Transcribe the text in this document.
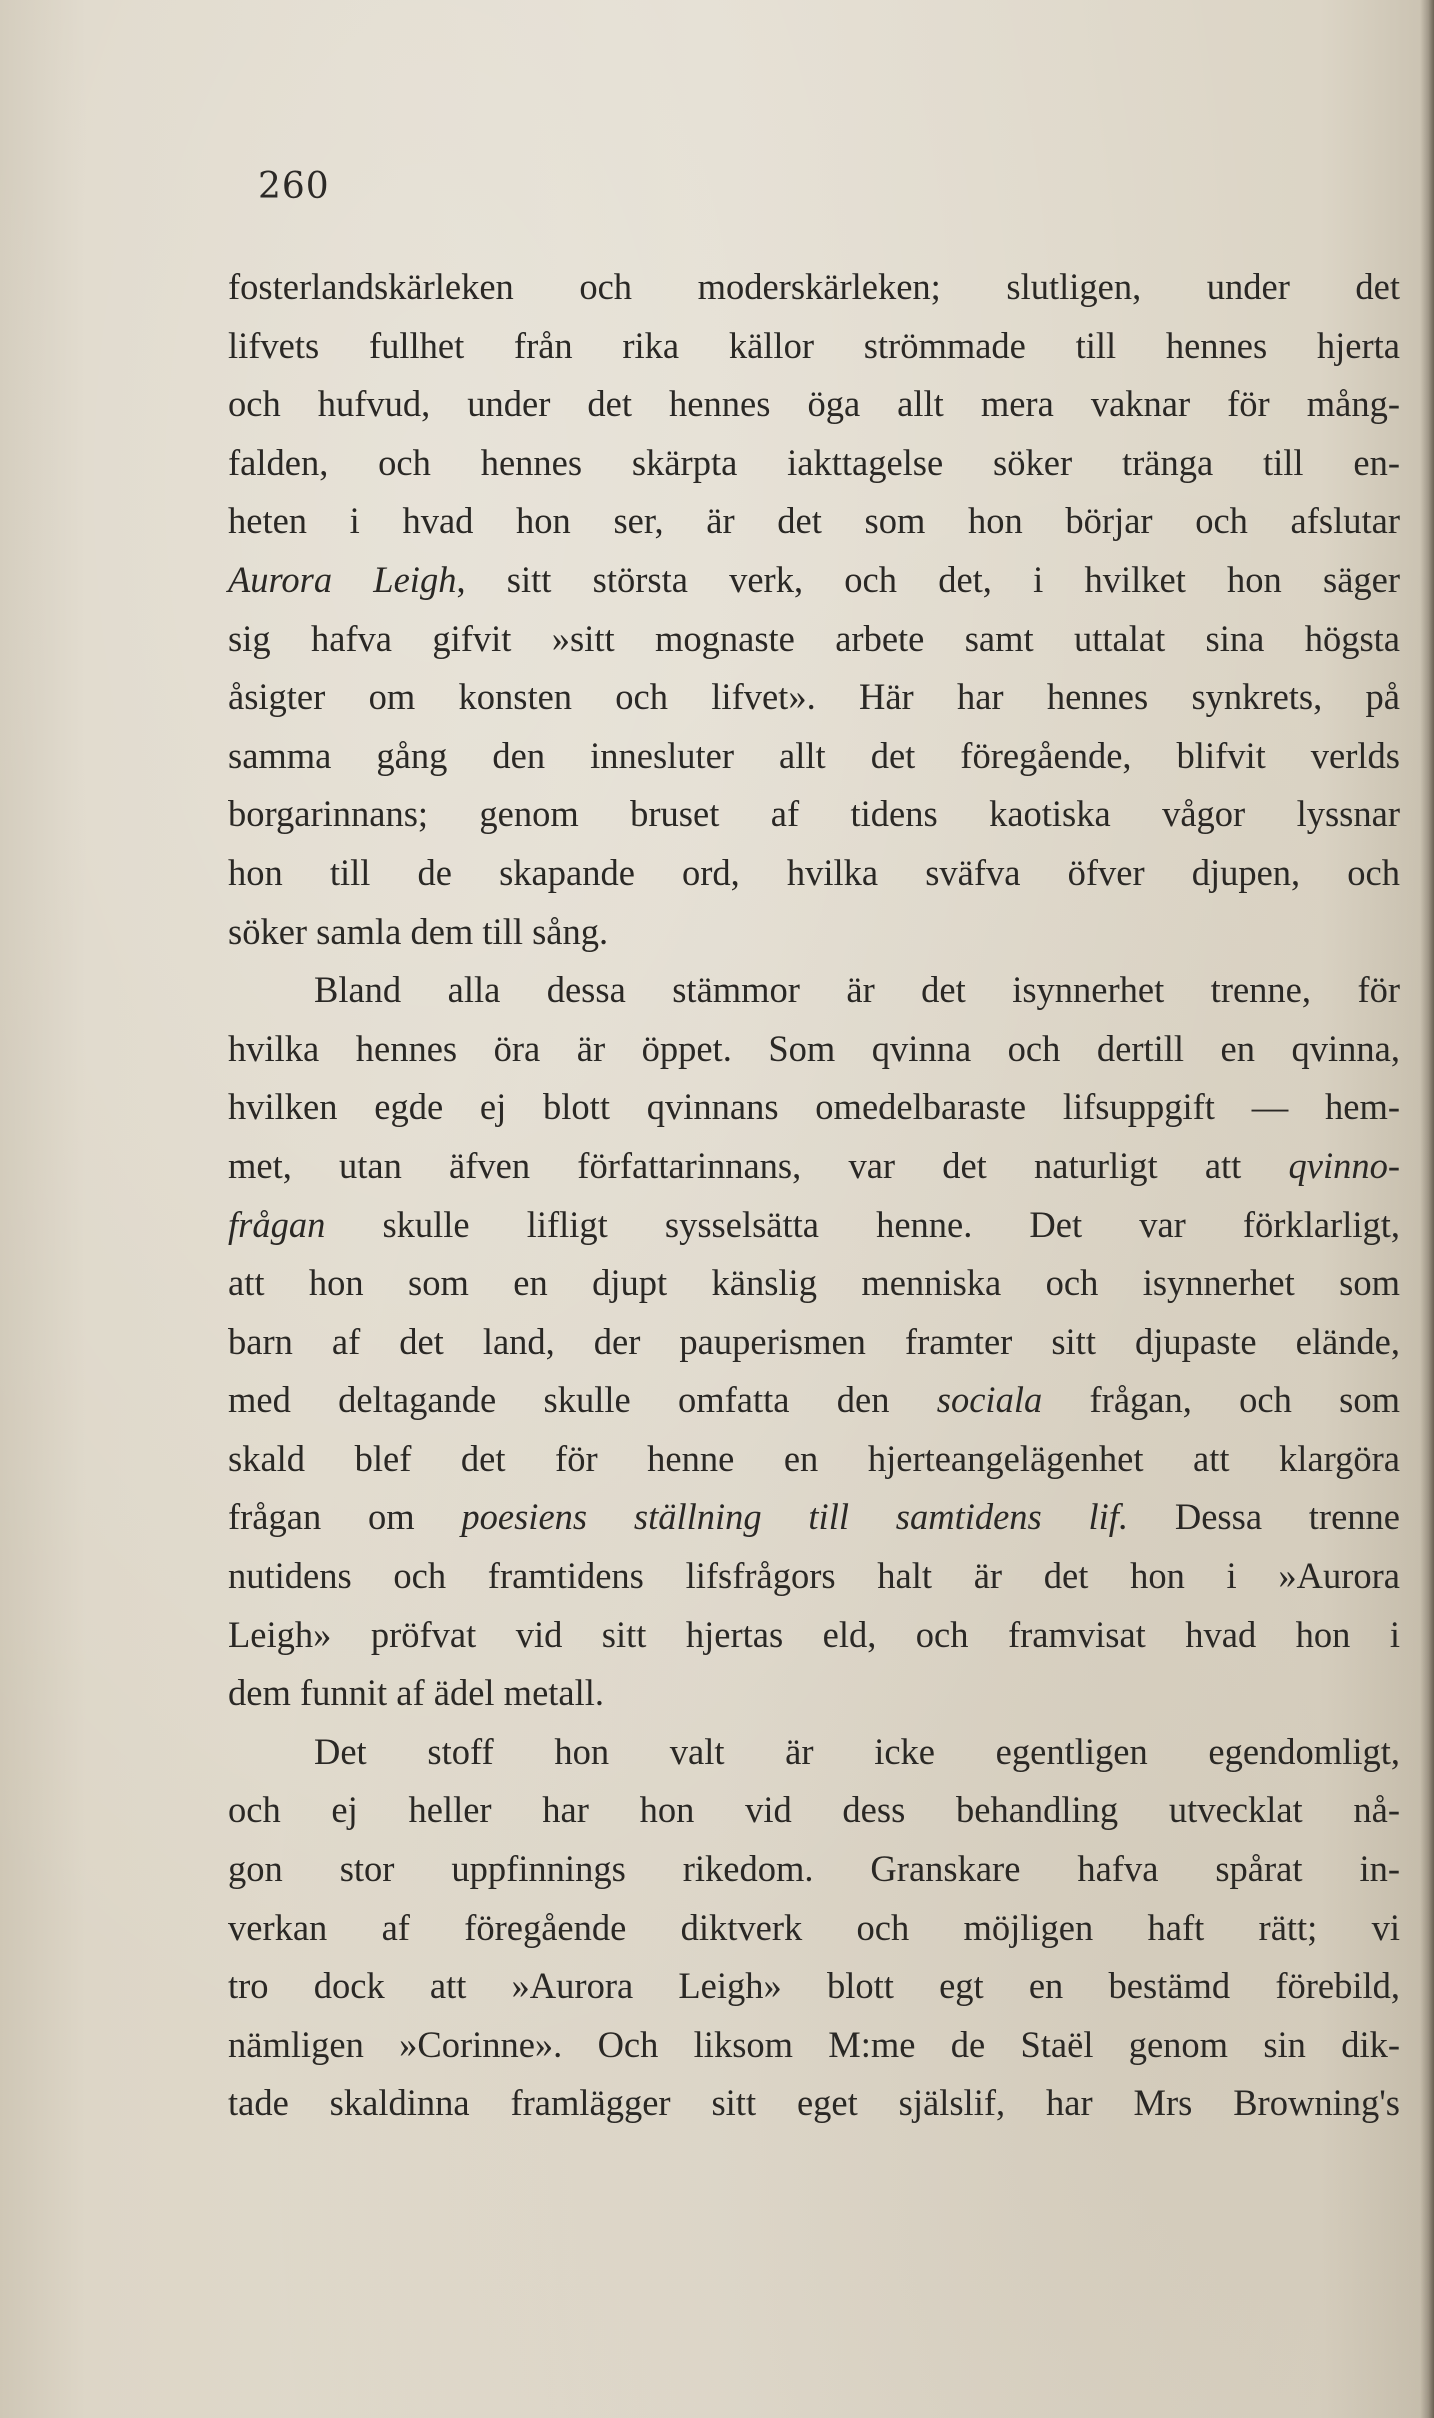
260
fosterlandskärleken och moderskärleken; slutligen, under det
lifvets fullhet från rika källor strömmade till hennes hjerta
och hufvud, under det hennes öga allt mera vaknar för mång-
falden, och hennes skärpta iakttagelse söker tränga till en-
heten i hvad hon ser, är det som hon börjar och afslutar
Aurora Leigh, sitt största verk, och det, i hvilket hon säger
sig hafva gifvit »sitt mognaste arbete samt uttalat sina högsta
åsigter om konsten och lifvet». Här har hennes synkrets, på
samma gång den innesluter allt det föregående, blifvit verlds
borgarinnans; genom bruset af tidens kaotiska vågor lyssnar
hon till de skapande ord, hvilka sväfva öfver djupen, och
söker samla dem till sång.
Bland alla dessa stämmor är det isynnerhet trenne, för
hvilka hennes öra är öppet. Som qvinna och dertill en qvinna,
hvilken egde ej blott qvinnans omedelbaraste lifsuppgift — hem-
met, utan äfven författarinnans, var det naturligt att qvinno-
frågan skulle lifligt sysselsätta henne. Det var förklarligt,
att hon som en djupt känslig menniska och isynnerhet som
barn af det land, der pauperismen framter sitt djupaste elände,
med deltagande skulle omfatta den sociala frågan, och som
skald blef det för henne en hjerteangelägenhet att klargöra
frågan om poesiens ställning till samtidens lif. Dessa trenne
nutidens och framtidens lifsfrågors halt är det hon i »Aurora
Leigh» pröfvat vid sitt hjertas eld, och framvisat hvad hon i
dem funnit af ädel metall.
Det stoff hon valt är icke egentligen egendomligt,
och ej heller har hon vid dess behandling utvecklat nå-
gon stor uppfinnings rikedom. Granskare hafva spårat in-
verkan af föregående diktverk och möjligen haft rätt; vi
tro dock att »Aurora Leigh» blott egt en bestämd förebild,
nämligen »Corinne». Och liksom M:me de Staël genom sin dik-
tade skaldinna framlägger sitt eget själslif, har Mrs Browning's
